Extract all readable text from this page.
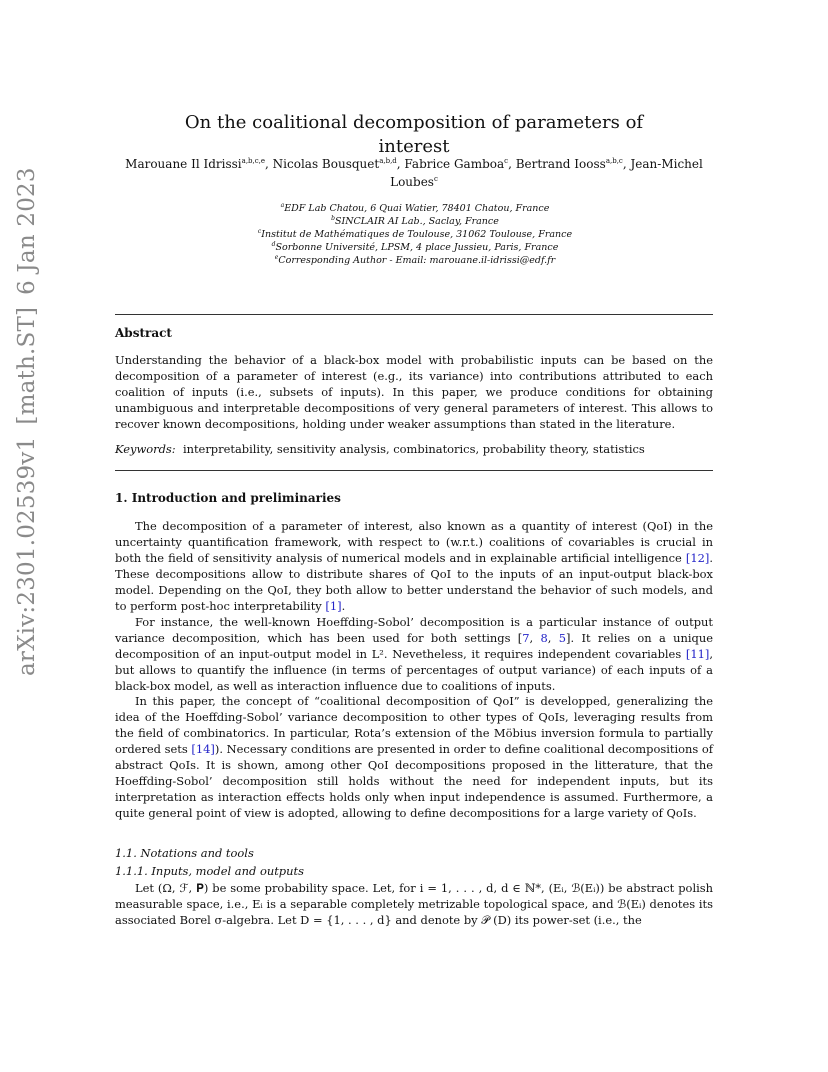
arXiv:2301.02539v1[math.ST]6 Jan 2023
On the coalitional decomposition of parameters of interest
Marouane Il Idrissi$^{a,b,c,e}$, Nicolas Bousquet$^{a,b,d}$, Fabrice Gamboa$^c$, Bertrand Iooss$^{a,b,c}$, Jean-Michel Loubes$^c$
$^a$EDF Lab Chatou, 6 Quai Watier, 78401 Chatou, France
$^b$SINCLAIR AI Lab., Saclay, France
$^c$Institut de Mathématiques de Toulouse, 31062 Toulouse, France
$^d$Sorbonne Université, LPSM, 4 place Jussieu, Paris, France
$^e$Corresponding Author - Email: marouane.il-idrissi@edf.fr
Abstract
Understanding the behavior of a black-box model with probabilistic inputs can be based on the decomposition of a parameter of interest (e.g., its variance) into contributions attributed to each coalition of inputs (i.e., subsets of inputs). In this paper, we produce conditions for obtaining unambiguous and interpretable decompositions of very general parameters of interest. This allows to recover known decompositions, holding under weaker assumptions than stated in the literature.
Keywords: interpretability, sensitivity analysis, combinatorics, probability theory, statistics
1. Introduction and preliminaries

The decomposition of a parameter of interest, also known as a quantity of interest (QoI) in the uncertainty quantification framework, with respect to (w.r.t.) coalitions of covariables is crucial in both the field of sensitivity analysis of numerical models and in explainable artificial intelligence [12]. These decompositions allow to distribute shares of QoI to the inputs of an input-output black-box model. Depending on the QoI, they both allow to better understand the behavior of such models, and to perform post-hoc interpretability [1].

For instance, the well-known Hoeffding-Sobol’ decomposition is a particular instance of output variance decomposition, which has been used for both settings [7, 8, 5]. It relies on a unique decomposition of an input-output model in L². Nevetheless, it requires independent covariables [11], but allows to quantify the influence (in terms of percentages of output variance) of each inputs of a black-box model, as well as interaction influence due to coalitions of inputs.

In this paper, the concept of “coalitional decomposition of QoI” is developped, generalizing the idea of the Hoeffding-Sobol’ variance decomposition to other types of QoIs, leveraging results from the field of combinatorics. In particular, Rota’s extension of the Möbius inversion formula to partially ordered sets [14]). Necessary conditions are presented in order to define coalitional decompositions of abstract QoIs. It is shown, among other QoI decompositions proposed in the litterature, that the Hoeffding-Sobol’ decomposition still holds without the need for independent inputs, but its interpretation as interaction effects holds only when input independence is assumed. Furthermore, a quite general point of view is adopted, allowing to define decompositions for a large variety of QoIs.

1.1. Notations and tools
1.1.1. Inputs, model and outputs

Let (Ω, ℱ, 𝐏) be some probability space. Let, for i = 1, . . . , d, d ∈ ℕ*, (Eᵢ, ℬ(Eᵢ)) be abstract polish measurable space, i.e., Eᵢ is a separable completely metrizable topological space, and ℬ(Eᵢ) denotes its associated Borel σ-algebra. Let D = {1, . . . , d} and denote by 𝒫 (D) its power-set (i.e., the
